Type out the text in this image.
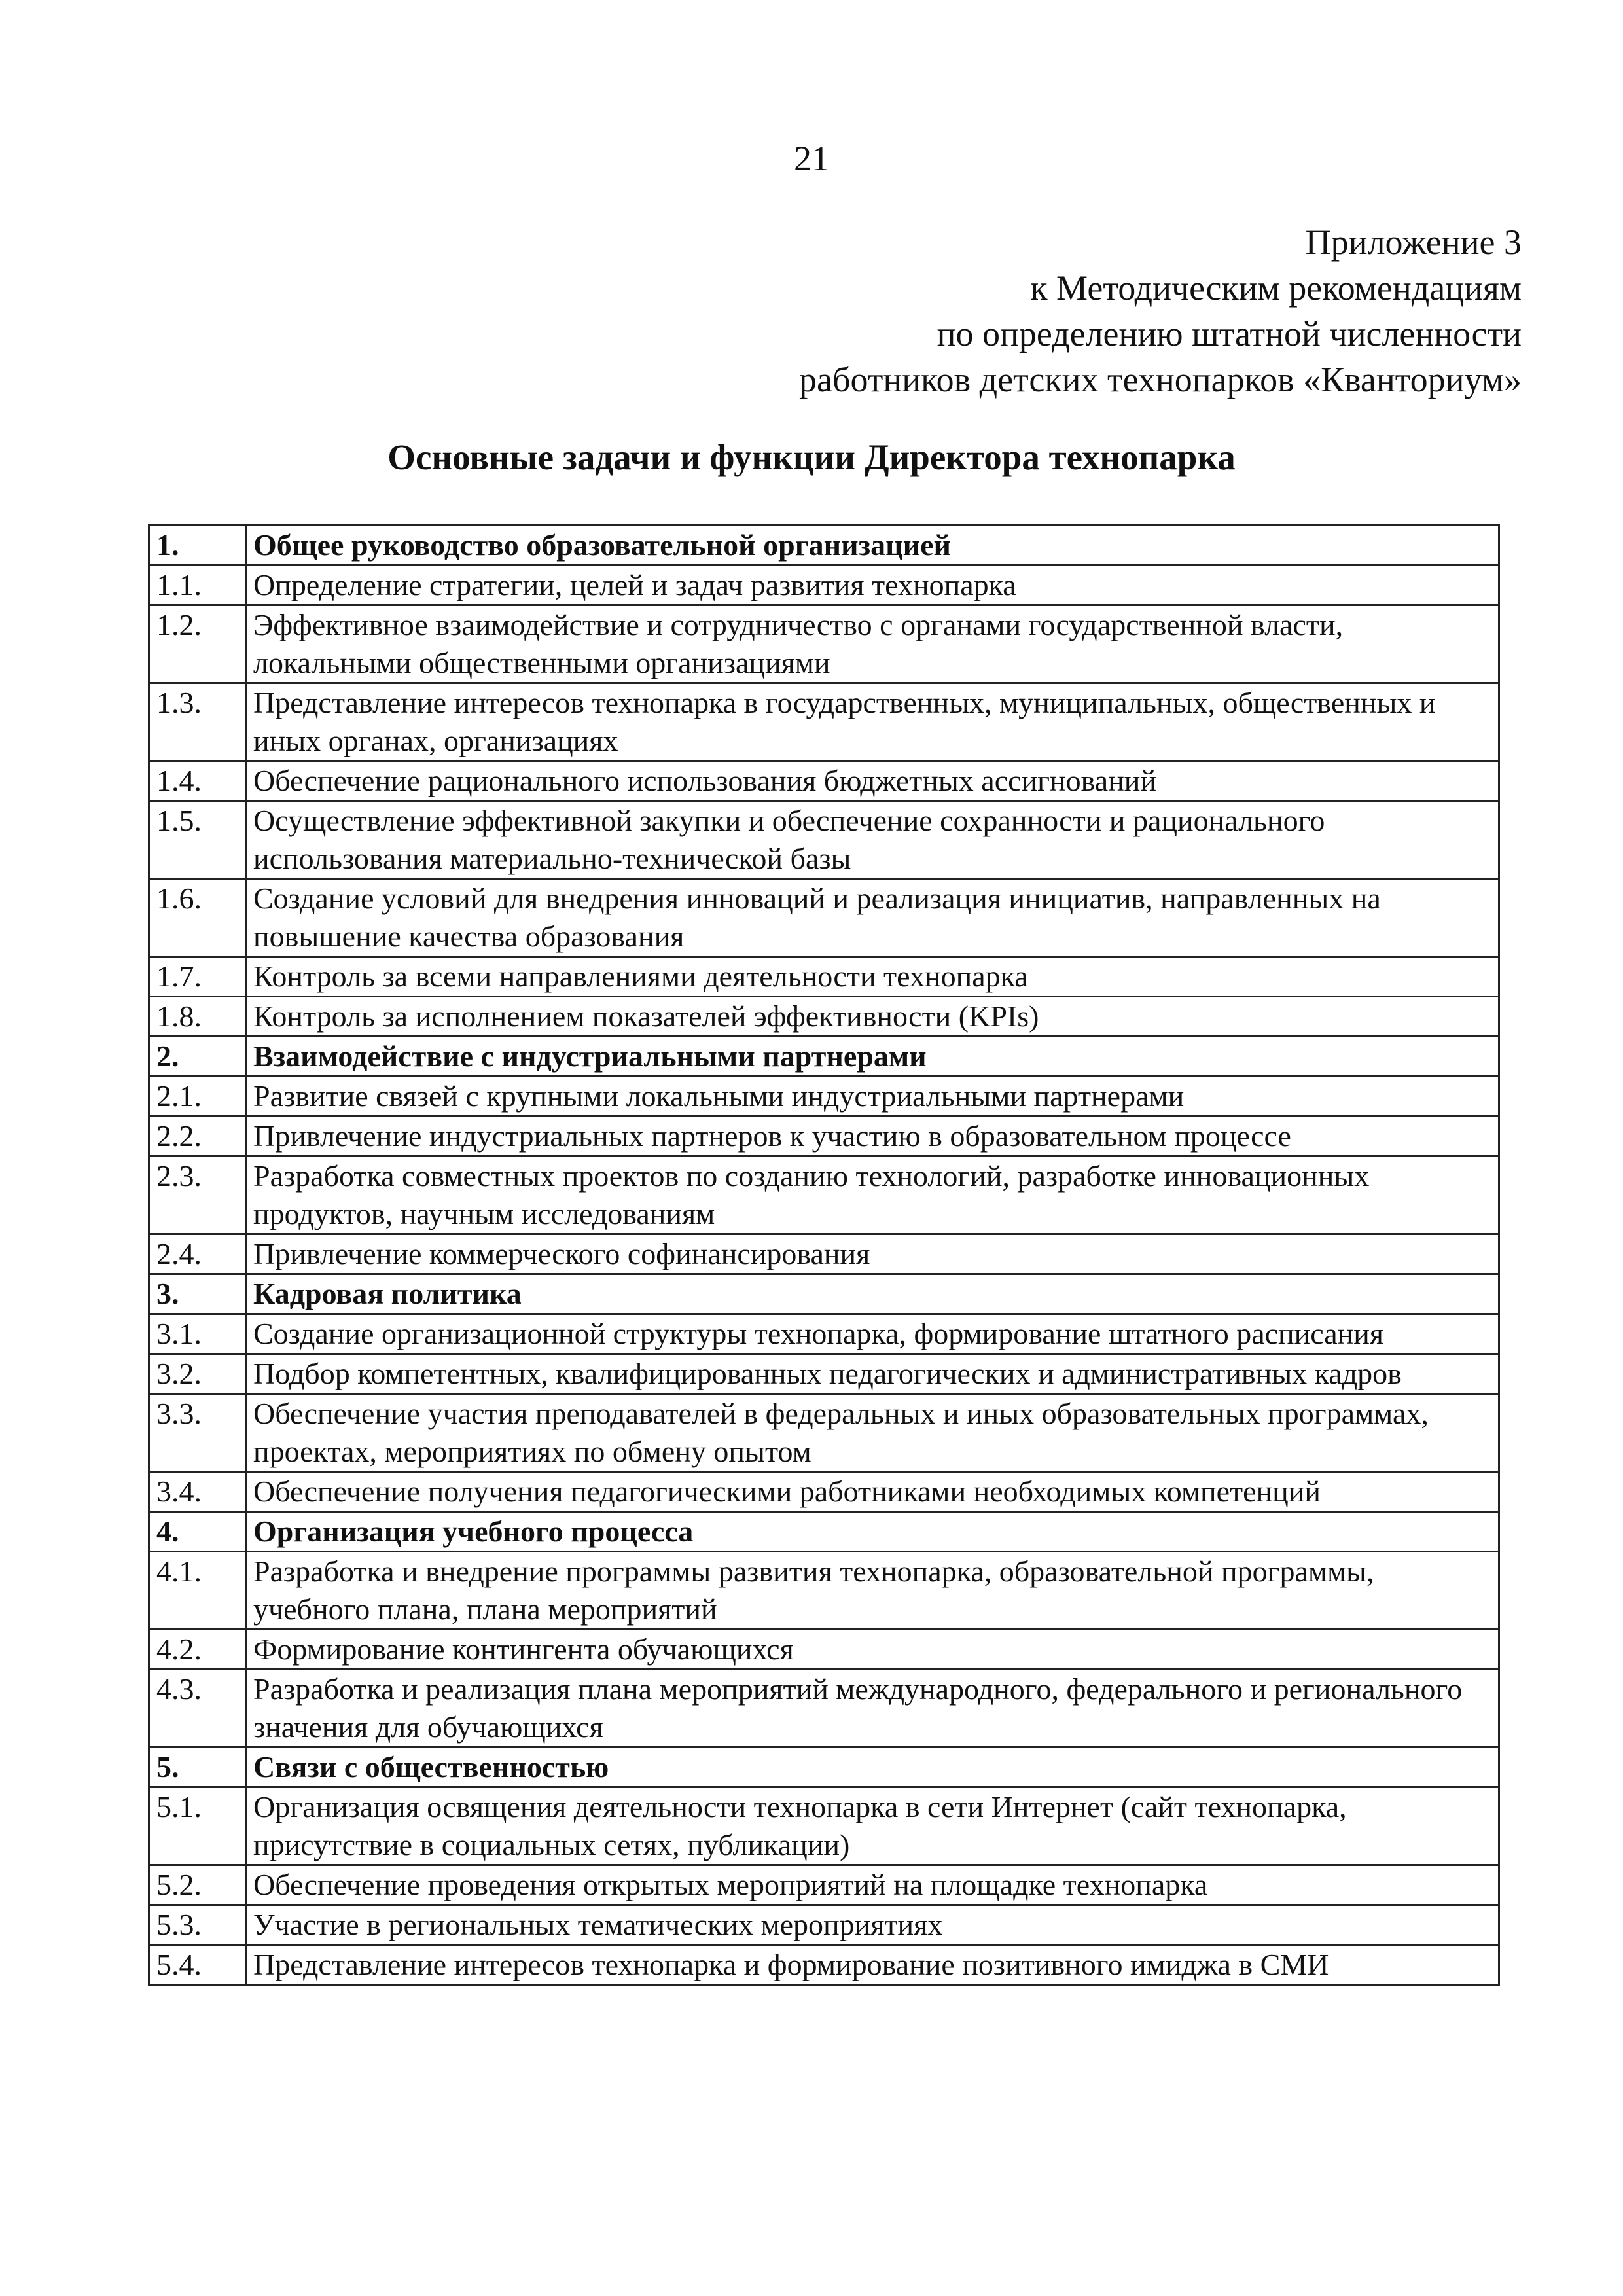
21
Приложение 3
к Методическим рекомендациям
по определению штатной численности
работников детских технопарков «Кванториум»
Основные задачи и функции Директора технопарка
1.	Общее руководство образовательной организацией
1.1.	Определение стратегии, целей и задач развития технопарка
1.2.	Эффективное взаимодействие и сотрудничество с органами государственной власти, локальными общественными организациями
1.3.	Представление интересов технопарка в государственных, муниципальных, общественных и иных органах, организациях
1.4.	Обеспечение рационального использования бюджетных ассигнований
1.5.	Осуществление эффективной закупки и обеспечение сохранности и рационального использования материально-технической базы
1.6.	Создание условий для внедрения инноваций и реализация инициатив, направленных на повышение качества образования
1.7.	Контроль за всеми направлениями деятельности технопарка
1.8.	Контроль за исполнением показателей эффективности (KPIs)
2.	Взаимодействие с индустриальными партнерами
2.1.	Развитие связей с крупными локальными индустриальными партнерами
2.2.	Привлечение индустриальных партнеров к участию в образовательном процессе
2.3.	Разработка совместных проектов по созданию технологий, разработке инновационных продуктов, научным исследованиям
2.4.	Привлечение коммерческого софинансирования
3.	Кадровая политика
3.1.	Создание организационной структуры технопарка, формирование штатного расписания
3.2.	Подбор компетентных, квалифицированных педагогических и административных кадров
3.3.	Обеспечение участия преподавателей в федеральных и иных образовательных программах, проектах, мероприятиях по обмену опытом
3.4.	Обеспечение получения педагогическими работниками необходимых компетенций
4.	Организация учебного процесса
4.1.	Разработка и внедрение программы развития технопарка, образовательной программы, учебного плана, плана мероприятий
4.2.	Формирование контингента обучающихся
4.3.	Разработка и реализация плана мероприятий международного, федерального и регионального значения для обучающихся
5.	Связи с общественностью
5.1.	Организация освящения деятельности технопарка в сети Интернет (сайт технопарка, присутствие в социальных сетях, публикации)
5.2.	Обеспечение проведения открытых мероприятий на площадке технопарка
5.3.	Участие в региональных тематических мероприятиях
5.4.	Представление интересов технопарка и формирование позитивного имиджа в СМИ
